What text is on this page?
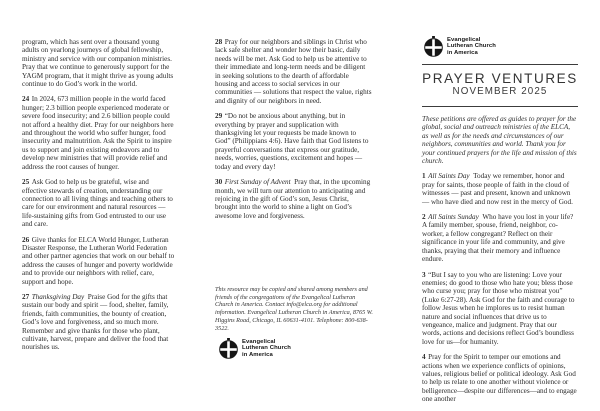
program, which has sent over a thousand young adults on yearlong journeys of global fellowship, ministry and service with our companion ministries. Pray that we continue to generously support for the YAGM program, that it might thrive as young adults continue to do God’s work in the world.

24 In 2024, 673 million people in the world faced hunger; 2.3 billion people experienced moderate or severe food insecurity; and 2.6 billion people could not afford a healthy diet. Pray for our neighbors here and throughout the world who suffer hunger, food insecurity and malnutrition. Ask the Spirit to inspire us to support and join existing endeavors and to develop new ministries that will provide relief and address the root causes of hunger.

25 Ask God to help us be grateful, wise and effective stewards of creation, understanding our connection to all living things and teaching others to care for our environment and natural resources — life-sustaining gifts from God entrusted to our use and care.

26 Give thanks for ELCA World Hunger, Lutheran Disaster Response, the Lutheran World Federation and other partner agencies that work on our behalf to address the causes of hunger and poverty worldwide and to provide our neighbors with relief, care, support and hope.

27 Thanksgiving Day Praise God for the gifts that sustain our body and spirit — food, shelter, family, friends, faith communities, the bounty of creation, God’s love and forgiveness, and so much more. Remember and give thanks for those who plant, cultivate, harvest, prepare and deliver the food that nourishes us.

28 Pray for our neighbors and siblings in Christ who lack safe shelter and wonder how their basic, daily needs will be met. Ask God to help us be attentive to their immediate and long-term needs and be diligent in seeking solutions to the dearth of affordable housing and access to social services in our communities — solutions that respect the value, rights and dignity of our neighbors in need.

29 “Do not be anxious about anything, but in everything by prayer and supplication with thanksgiving let your requests be made known to God” (Philippians 4:6). Have faith that God listens to prayerful conversations that express our gratitude, needs, worries, questions, excitement and hopes — today and every day!

30 First Sunday of Advent Pray that, in the upcoming month, we will turn our attention to anticipating and rejoicing in the gift of God’s son, Jesus Christ, brought into the world to shine a light on God’s awesome love and forgiveness.

This resource may be copied and shared among members and friends of the congregations of the Evangelical Lutheran Church in America. Contact info@elca.org for additional information. Evangelical Lutheran Church in America, 8765 W. Higgins Road, Chicago, IL 60631-4101. Telephone: 800-638-3522.
Evangelical
Lutheran Church
in America
Evangelical
Lutheran Church
in America
PRAYER VENTURES
NOVEMBER 2025

These petitions are offered as guides to prayer for the global, social and outreach ministries of the ELCA, as well as for the needs and circumstances of our neighbors, communities and world. Thank you for your continued prayers for the life and mission of this church.

1 All Saints Day Today we remember, honor and pray for saints, those people of faith in the cloud of witnesses — past and present, known and unknown — who have died and now rest in the mercy of God.

2 All Saints Sunday Who have you lost in your life? A family member, spouse, friend, neighbor, co-worker, a fellow congregant? Reflect on their significance in your life and community, and give thanks, praying that their memory and influence endure.

3 “But I say to you who are listening: Love your enemies; do good to those who hate you; bless those who curse you; pray for those who mistreat you” (Luke 6:27-28). Ask God for the faith and courage to follow Jesus when he implores us to resist human nature and social influences that drive us to vengeance, malice and judgment. Pray that our words, actions and decisions reflect God’s boundless love for us—for humanity.

4 Pray for the Spirit to temper our emotions and actions when we experience conflicts of opinions, values, religious belief or political ideology. Ask God to help us relate to one another without violence or belligerence—despite our differences—and to engage one another
